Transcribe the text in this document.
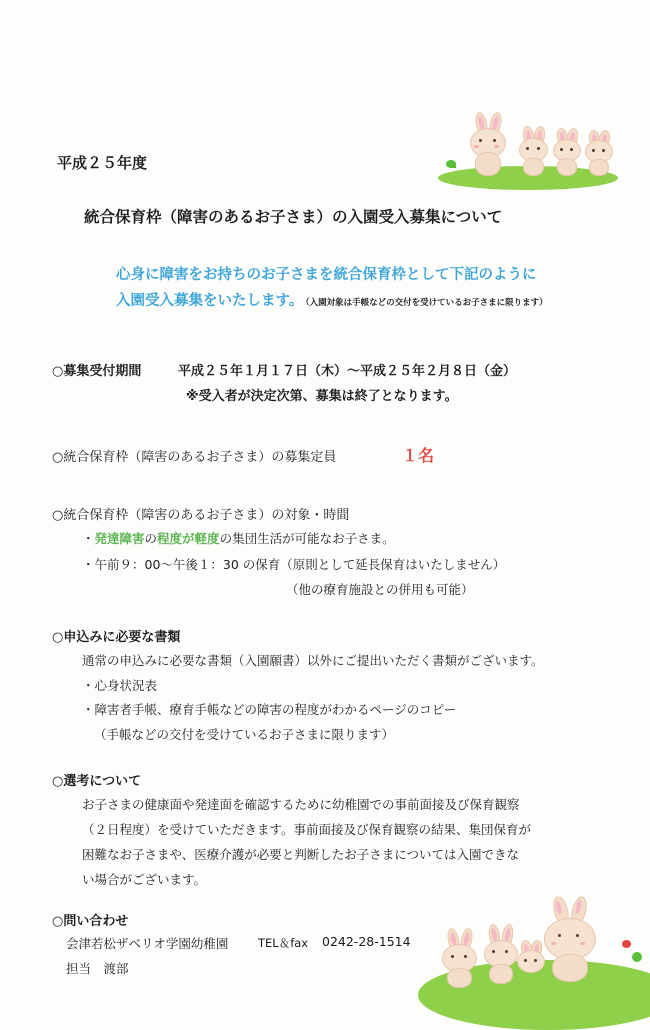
平成２５年度
統合保育枠（障害のあるお子さま）の入園受入募集について
心身に障害をお持ちのお子さまを統合保育枠として下記のように
入園受入募集をいたします。 （入園対象は手帳などの交付を受けているお子さまに限ります）
○募集受付期間	平成２５年１月１７日（木）〜平成２５年２月８日（金）
※受入者が決定次第、募集は終了となります。
○統合保育枠（障害のあるお子さま）の募集定員	１名
○統合保育枠（障害のあるお子さま）の対象・時間
・発達障害の程度が軽度の集団生活が可能なお子さま。
・午前９：00〜午後１：30 の保育（原則として延長保育はいたしません）
（他の療育施設との併用も可能）
○申込みに必要な書類
通常の申込みに必要な書類（入園願書）以外にご提出いただく書類がございます。
・心身状況表
・障害者手帳、療育手帳などの障害の程度がわかるページのコピー
（手帳などの交付を受けているお子さまに限ります）
○選考について
お子さまの健康面や発達面を確認するために幼稚園での事前面接及び保育観察
（２日程度）を受けていただきます。事前面接及び保育観察の結果、集団保育が
困難なお子さまや、医療介護が必要と判断したお子さまについては入園できな
い場合がございます。
○問い合わせ
会津若松ザベリオ学園幼稚園	TEL＆fax 0242-28-1514
担当　渡部
